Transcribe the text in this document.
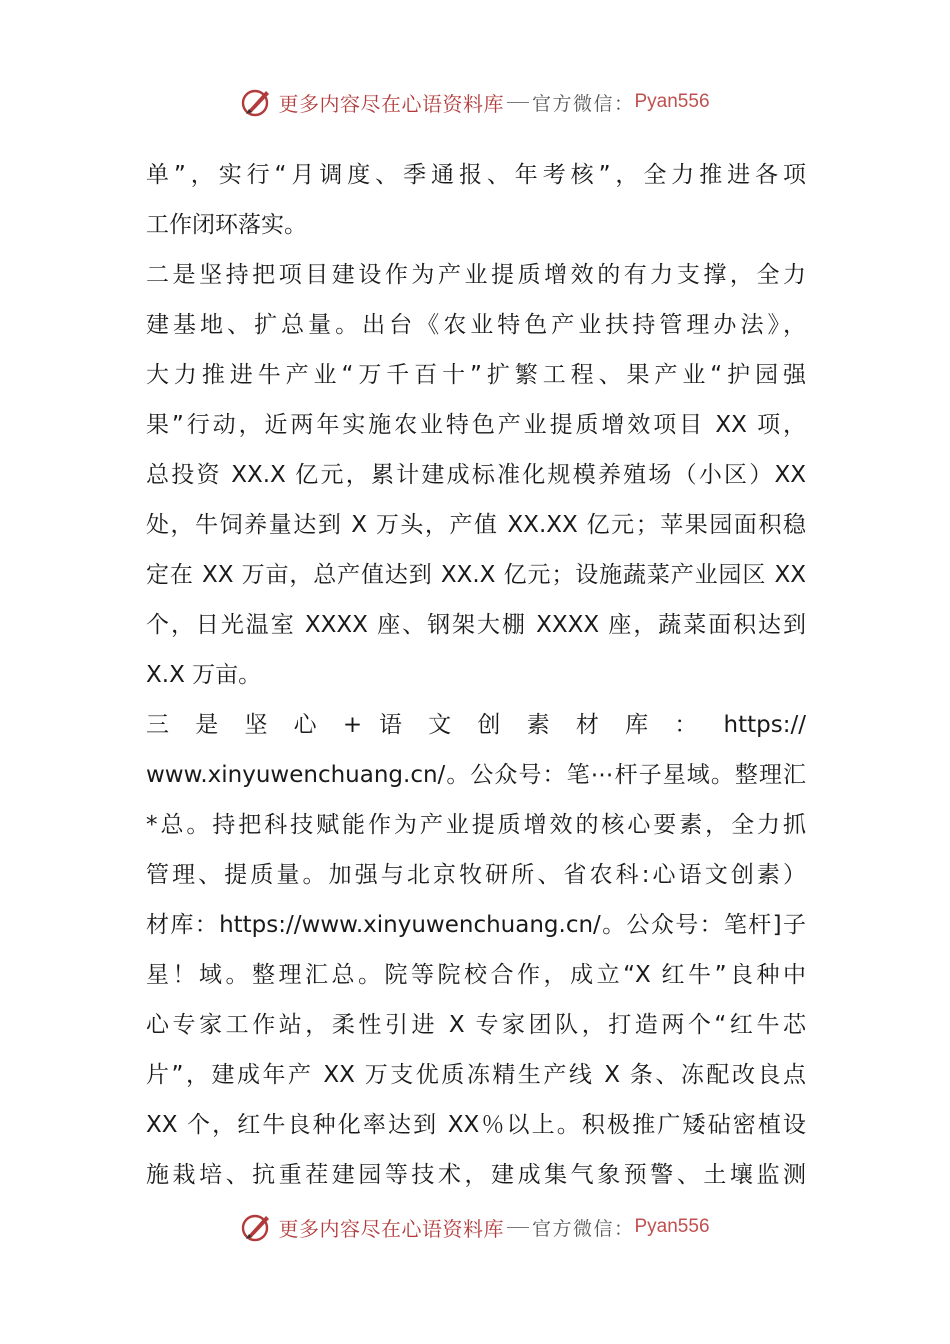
更多内容尽在心语资料库 官方微信： Pyan556
单”，实行“月调度、季通报、年考核”，全力推进各项
工作闭环落实。
二是坚持把项目建设作为产业提质增效的有力支撑，全力
建基地、扩总量。出台《农业特色产业扶持管理办法》，
大力推进牛产业“万千百十”扩繁工程、果产业“护园强
果”行动，近两年实施农业特色产业提质增效项目 XX 项，
总投资 XX.X 亿元，累计建成标准化规模养殖场（小区）XX
处，牛饲养量达到 X 万头，产值 XX.XX 亿元；苹果园面积稳
定在 XX 万亩，总产值达到 XX.X 亿元；设施蔬菜产业园区 XX
个，日光温室 XXXX 座、钢架大棚 XXXX 座，蔬菜面积达到
X.X 万亩。
三 是 坚 心 + 语 文 创 素 材 库 ： https://
www.xinyuwenchuang.cn/。公众号：笔⋯杆子星域。整理汇
*总。持把科技赋能作为产业提质增效的核心要素，全力抓
管理、提质量。加强与北京牧研所、省农科:心语文创素）
材库：https://www.xinyuwenchuang.cn/。公众号：笔杆]子
星！域。整理汇总。院等院校合作，成立“X 红牛”良种中
心专家工作站，柔性引进 X 专家团队，打造两个“红牛芯
片”，建成年产 XX 万支优质冻精生产线 X 条、冻配改良点
XX 个，红牛良种化率达到 XX％以上。积极推广矮砧密植设
施栽培、抗重茬建园等技术，建成集气象预警、土壤监测
更多内容尽在心语资料库 官方微信： Pyan556
